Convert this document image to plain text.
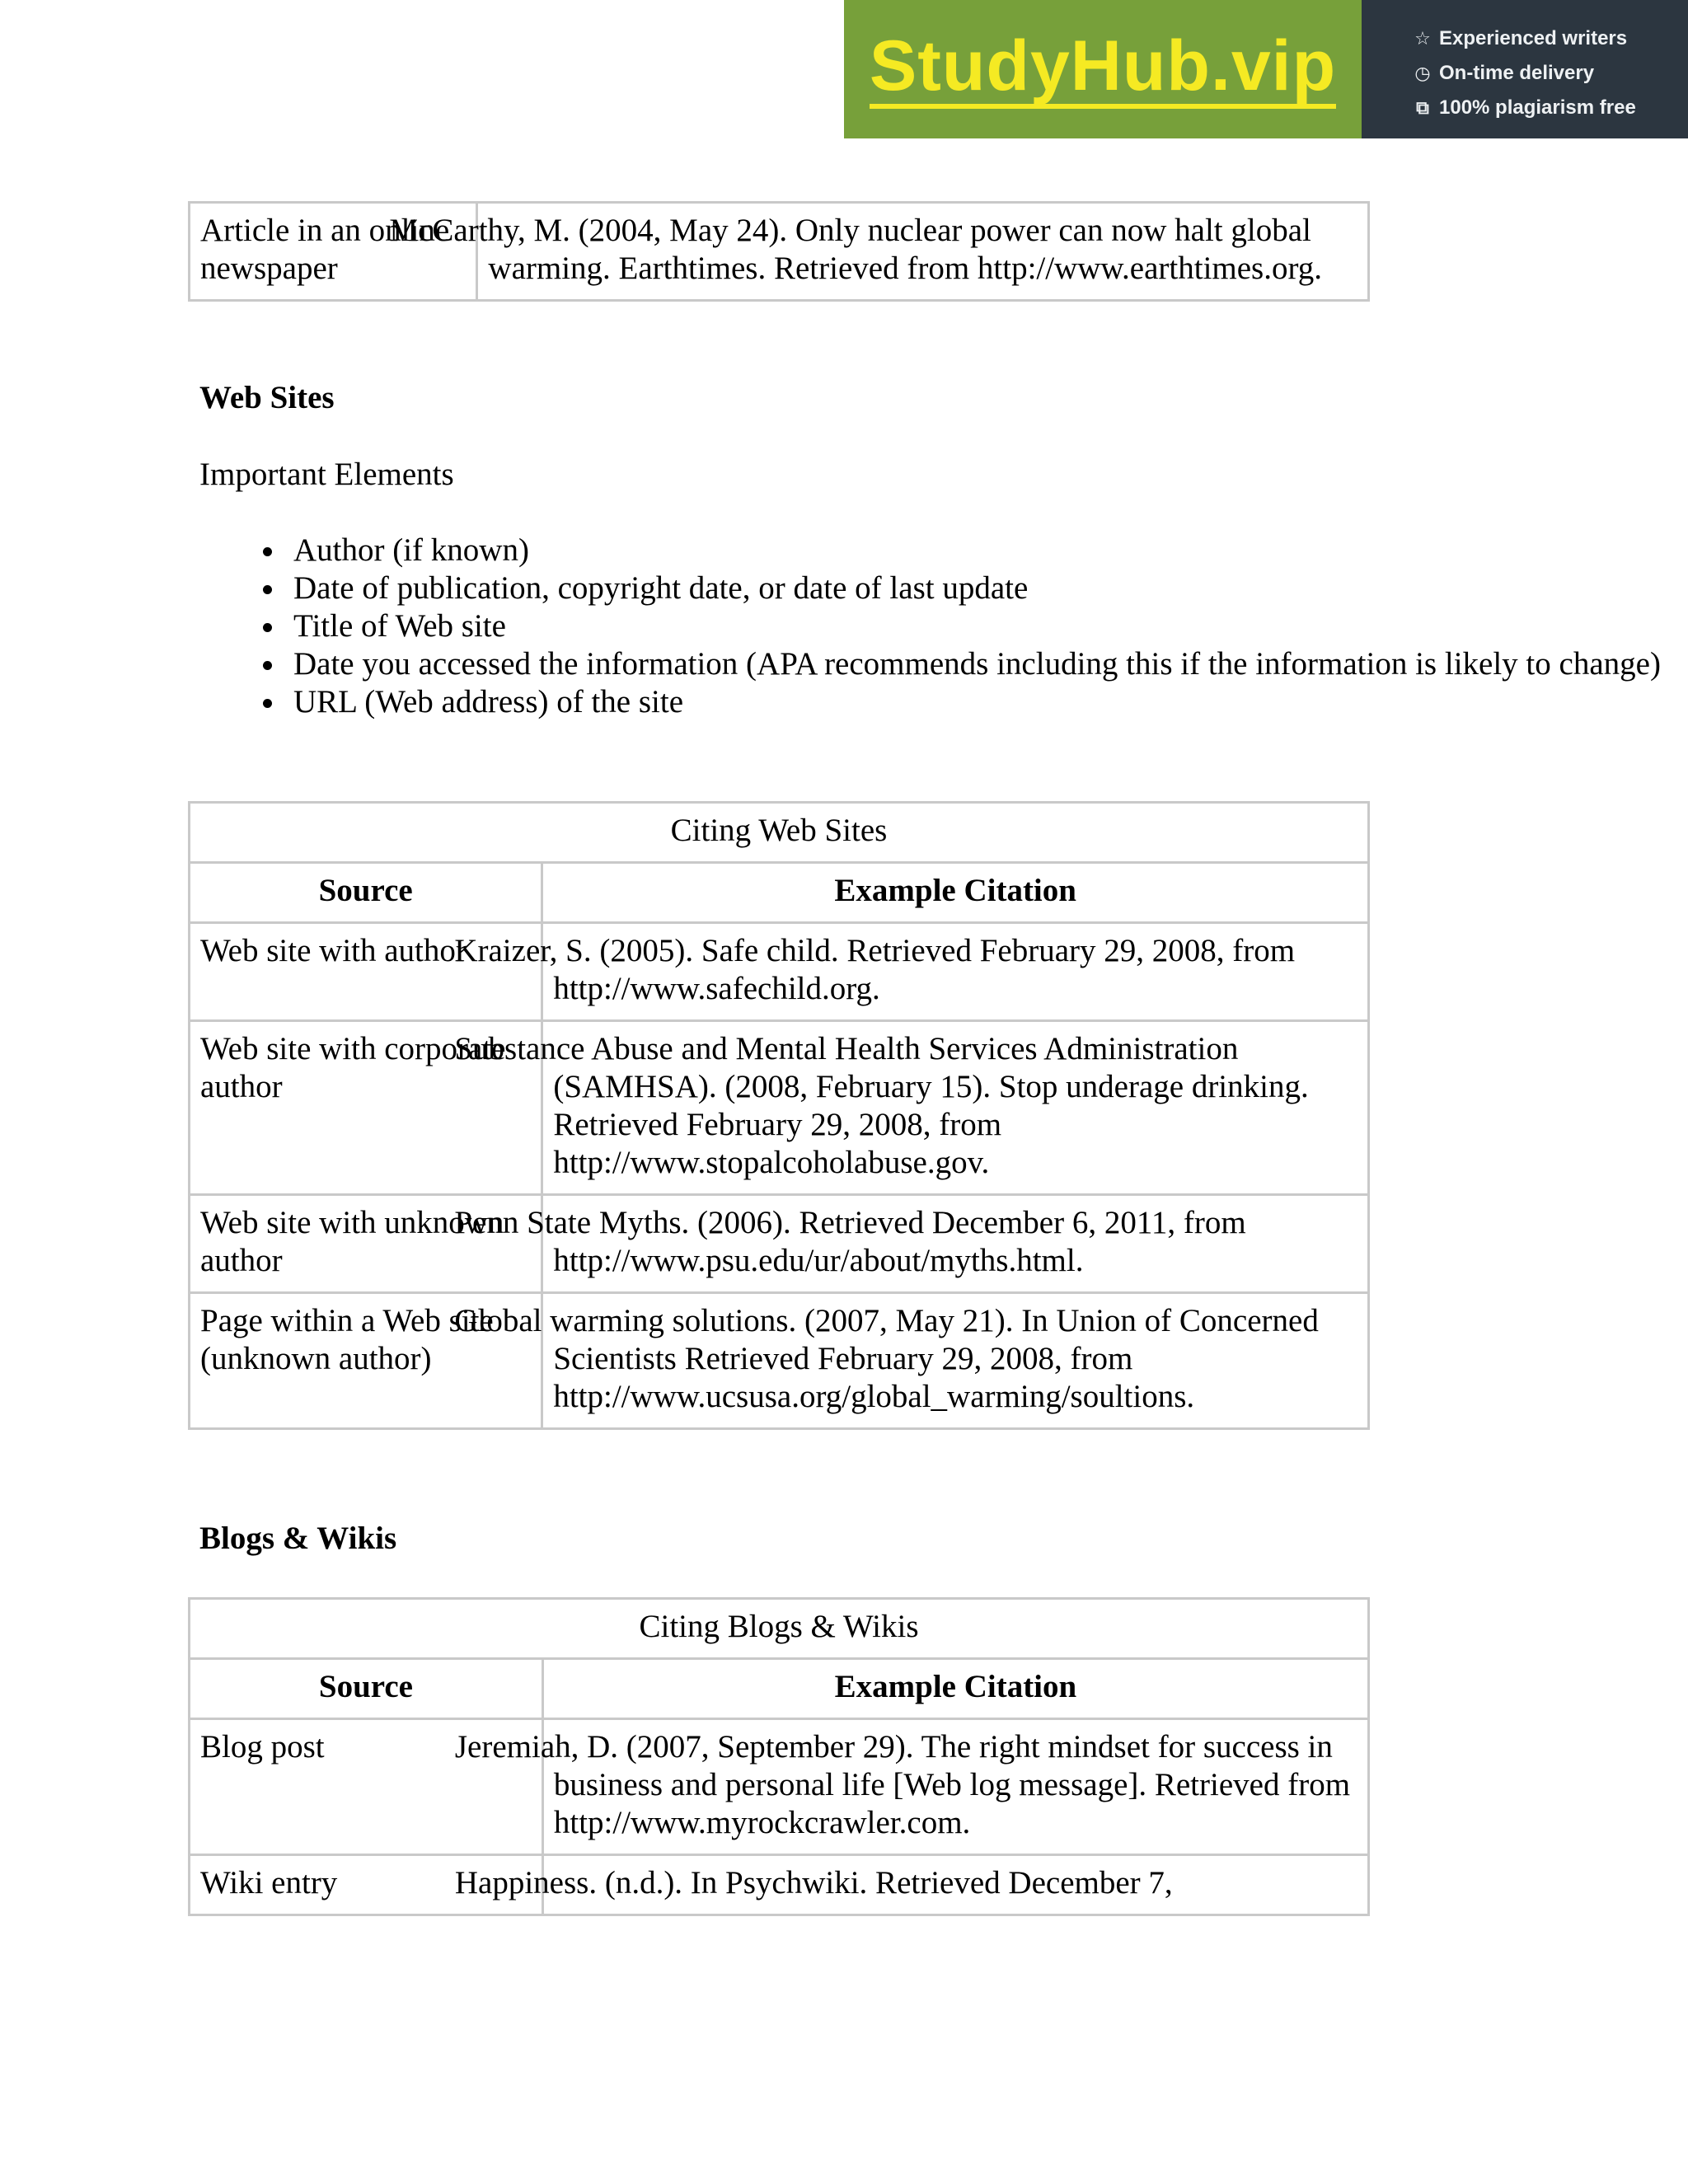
StudyHub.vip	☆ Experienced writers
◷ On-time delivery
⧉ 100% plagiarism free
Article in an online newspaper	McCarthy, M. (2004, May 24). Only nuclear power can now halt global warming. Earthtimes. Retrieved from http://www.earthtimes.org.
Web Sites
Important Elements
• Author (if known)
• Date of publication, copyright date, or date of last update
• Title of Web site
• Date you accessed the information (APA recommends including this if the information is likely to change)
• URL (Web address) of the site
Citing Web Sites	
Source	Example Citation
Web site with author	Kraizer, S. (2005). Safe child. Retrieved February 29, 2008, from http://www.safechild.org.
Web site with corporate author	Substance Abuse and Mental Health Services Administration (SAMHSA). (2008, February 15). Stop underage drinking. Retrieved February 29, 2008, from http://www.stopalcoholabuse.gov.
Web site with unknown author	Penn State Myths. (2006). Retrieved December 6, 2011, from http://www.psu.edu/ur/about/myths.html.
Page within a Web site (unknown author)	Global warming solutions. (2007, May 21). In Union of Concerned Scientists Retrieved February 29, 2008, from http://www.ucsusa.org/global_warming/soultions.
Blogs & Wikis
Citing Blogs & Wikis	
Source	Example Citation
Blog post	Jeremiah, D. (2007, September 29). The right mindset for success in business and personal life [Web log message]. Retrieved from http://www.myrockcrawler.com.
Wiki entry	Happiness. (n.d.). In Psychwiki. Retrieved December 7,
